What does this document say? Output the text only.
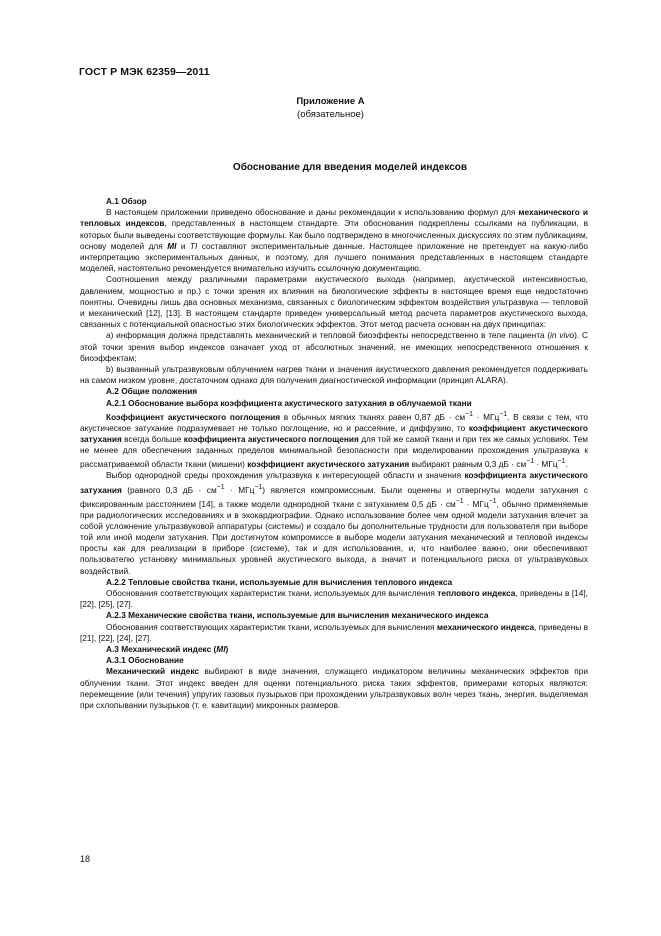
ГОСТ Р МЭК 62359—2011
Приложение А
(обязательное)
Обоснование для введения моделей индексов

А.1 Обзор

В настоящем приложении приведено обоснование и даны рекомендации к использованию формул для механического и тепловых индексов, представленных в настоящем стандарте. Эти обоснования подкреплены ссылками на публикации, в которых были выведены соответствующие формулы. Как было подтверждено в многочисленных дискуссиях по этим публикациям, основу моделей для MI и TI составляют экспериментальные данные. Настоящее приложение не претендует на какую-либо интерпретацию экспериментальных данных, и поэтому, для лучшего понимания представленных в настоящем стандарте моделей, настоятельно рекомендуется внимательно изучить ссылочную документацию.

Соотношения между различными параметрами акустического выхода (например, акустической интенсивностью, давлением, мощностью и пр.) с точки зрения их влияния на биологические эффекты в настоящее время еще недостаточно понятны. Очевидны лишь два основных механизма, связанных с биологическим эффектом воздействия ультразвука — тепловой и механический [12], [13]. В настоящем стандарте приведен универсальный метод расчета параметров акустического выхода, связанных с потенциальной опасностью этих биологических эффектов. Этот метод расчета основан на двух принципах:

а) информация должна представлять механический и тепловой биоэффекты непосредственно в теле пациента (in vivo). С этой точки зрения выбор индексов означает уход от абсолютных значений, не имеющих непосредственного отношения к биоэффектам;

b) вызванный ультразвуковым облучением нагрев ткани и значения акустического давления рекомендуется поддерживать на самом низком уровне, достаточном однако для получения диагностической информации (принцип ALARA).

А.2 Общие положения

А.2.1 Обоснование выбора коэффициента акустического затухания в облучаемой ткани

Коэффициент акустического поглощения в обычных мягких тканях равен 0,87 дБ · $см^{-1} \cdot МГц^{-1}$. В связи с тем, что акустическое затухание подразумевает не только поглощение, но и рассеяние, и диффузию, то коэффициент акустического затухания всегда больше коэффициента акустического поглощения для той же самой ткани и при тех же самых условиях. Тем не менее для обеспечения заданных пределов минимальной безопасности при моделировании прохождения ультразвука к рассматриваемой области ткани (мишени) коэффициент акустического затухания выбирают равным 0,3 дБ · $см^{-1} \cdot МГц^{-1}$.

Выбор однородной среды прохождения ультразвука к интересующей области и значения коэффициента акустического затухания (равного 0,3 дБ · $см^{-1} \cdot МГц^{-1}$) является компромиссным. Были оценены и отвергнуты модели затухания с фиксированным расстоянием [14], а также модели однородной ткани с затуханием 0,5 дБ · $см^{-1} \cdot МГц^{-1}$, обычно применяемые при радиологических исследованиях и в эхокардиографии. Однако использование более чем одной модели затухания влечет за собой усложнение ультразвуковой аппаратуры (системы) и создало бы дополнительные трудности для пользователя при выборе той или иной модели затухания. При достигнутом компромиссе в выборе модели затухания механический и тепловой индексы просты как для реализации в приборе (системе), так и для использования, и, что наиболее важно, они обеспечивают пользователю установку минимальных уровней акустического выхода, а значит и потенциального риска от ультразвуковых воздействий.

А.2.2 Тепловые свойства ткани, используемые для вычисления теплового индекса

Обоснования соответствующих характеристик ткани, используемых для вычисления теплового индекса, приведены в [14], [22], [25], [27].

А.2.3 Механические свойства ткани, используемые для вычисления механического индекса

Обоснования соответствующих характеристик ткани, используемых для вычисления механического индекса, приведены в [21], [22], [24], [27].

А.3 Механический индекс (MI)

А.3.1 Обоснование

Механический индекс выбирают в виде значения, служащего индикатором величины механических эффектов при облучении ткани. Этот индекс введен для оценки потенциального риска таких эффектов, примерами которых являются: перемещение (или течения) упругих газовых пузырьков при прохождении ультразвуковых волн через ткань, энергия, выделяемая при схлопывании пузырьков (т. е. кавитации) микронных размеров.

18
